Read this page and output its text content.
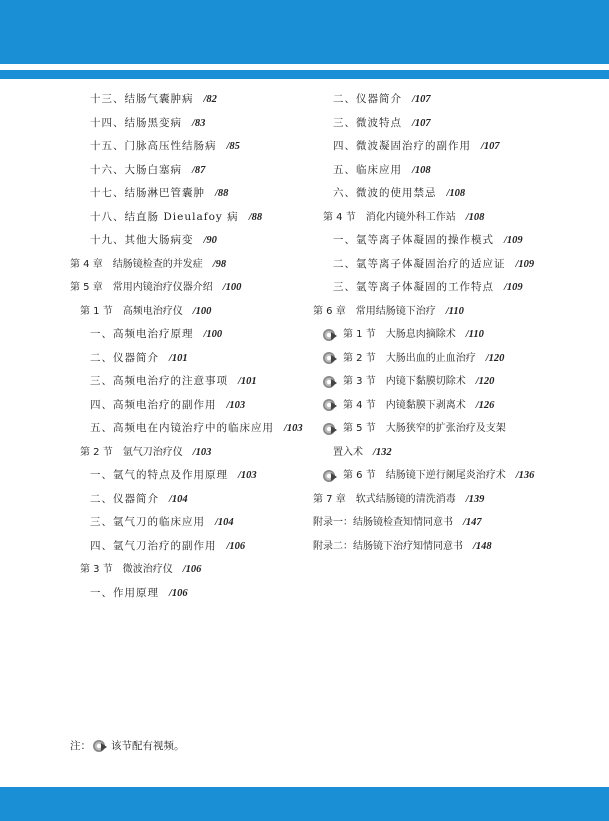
十三、结肠气囊肿病 /82
十四、结肠黑变病 /83
十五、门脉高压性结肠病 /85
十六、大肠白塞病 /87
十七、结肠淋巴管囊肿 /88
十八、结直肠 Dieulafoy 病 /88
十九、其他大肠病变 /90
第 4 章　结肠镜检查的并发症 /98
第 5 章　常用内镜治疗仪器介绍 /100
第 1 节　高频电治疗仪 /100
一、高频电治疗原理 /100
二、仪器简介 /101
三、高频电治疗的注意事项 /101
四、高频电治疗的副作用 /103
五、高频电在内镜治疗中的临床应用 /103
第 2 节　氩气刀治疗仪 /103
一、氩气的特点及作用原理 /103
二、仪器简介 /104
三、氩气刀的临床应用 /104
四、氩气刀治疗的副作用 /106
第 3 节　微波治疗仪 /106
一、作用原理 /106
二、仪器简介 /107
三、微波特点 /107
四、微波凝固治疗的副作用 /107
五、临床应用 /108
六、微波的使用禁忌 /108
第 4 节　消化内镜外科工作站 /108
一、氩等离子体凝固的操作模式 /109
二、氩等离子体凝固治疗的适应证 /109
三、氩等离子体凝固的工作特点 /109
第 6 章　常用结肠镜下治疗 /110
第 1 节　大肠息肉摘除术 /110
第 2 节　大肠出血的止血治疗 /120
第 3 节　内镜下黏膜切除术 /120
第 4 节　内镜黏膜下剥离术 /126
第 5 节　大肠狭窄的扩张治疗及支架
置入术 /132
第 6 节　结肠镜下逆行阑尾炎治疗术 /136
第 7 章　软式结肠镜的清洗消毒 /139
附录一：结肠镜检查知情同意书 /147
附录二：结肠镜下治疗知情同意书 /148
注： 该节配有视频。
